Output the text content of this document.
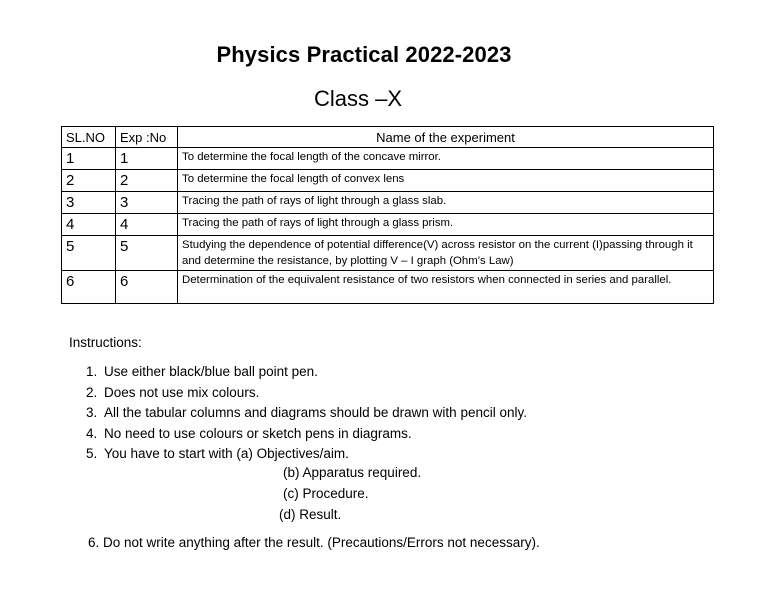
Physics Practical 2022-2023
Class –X
SL.NO	Exp :No	Name of the experiment
1	1	To determine the focal length of the concave mirror.
2	2	To determine the focal length of convex lens
3	3	Tracing the path of rays of light through a glass slab.
4	4	Tracing the path of rays of light through a glass prism.
5	5	Studying the dependence of potential difference(V) across resistor on the current (I)passing through it and determine the resistance, by plotting V – I graph (Ohm’s Law)
6	6	Determination of the equivalent resistance of two resistors when connected in series and parallel.
Instructions:
1. Use either black/blue ball point pen.
2. Does not use mix colours.
3. All the tabular columns and diagrams should be drawn with pencil only.
4. No need to use colours or sketch pens in diagrams.
5. You have to start with (a) Objectives/aim.
(b) Apparatus required.
(c) Procedure.
(d) Result.
6. Do not write anything after the result. (Precautions/Errors not necessary).
